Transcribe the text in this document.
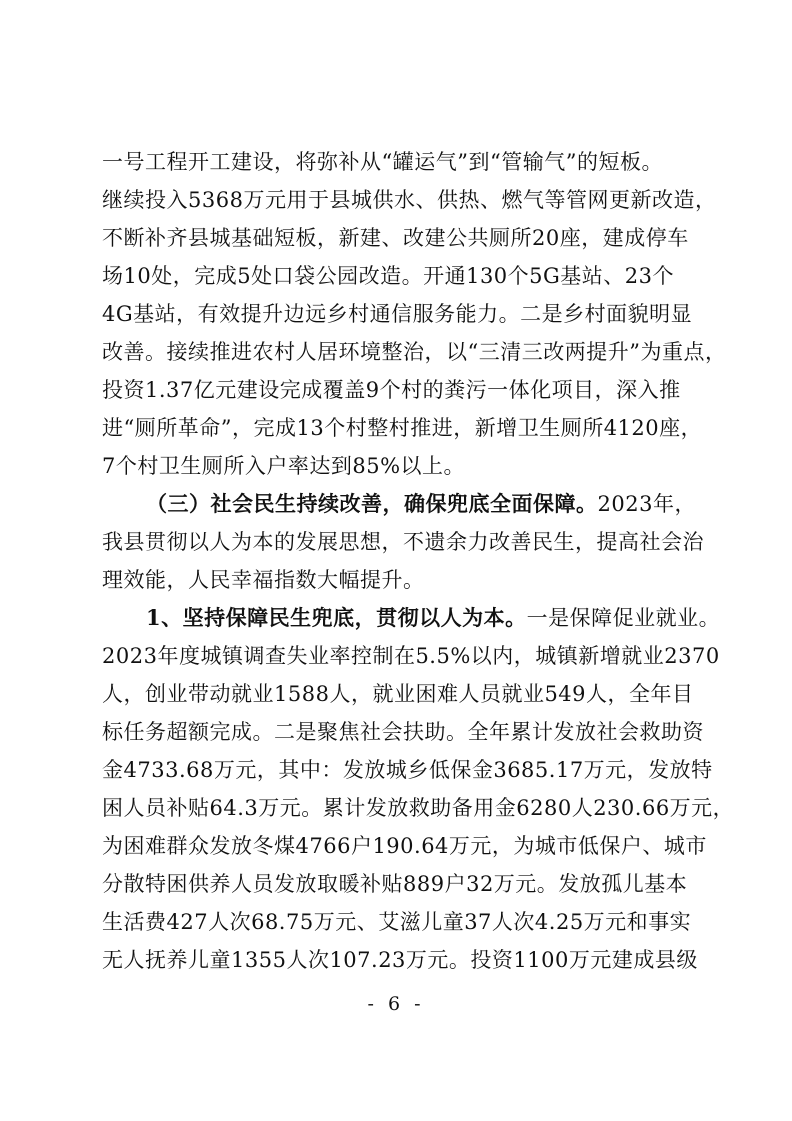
一号工程开工建设，将弥补从“罐运气”到“管输气”的短板。
继续投入5368万元用于县城供水、供热、燃气等管网更新改造，
不断补齐县城基础短板，新建、改建公共厕所20座，建成停车
场10处，完成5处口袋公园改造。开通130个5G基站、23个
4G基站，有效提升边远乡村通信服务能力。二是乡村面貌明显
改善。接续推进农村人居环境整治，以“三清三改两提升”为重点，
投资1.37亿元建设完成覆盖9个村的粪污一体化项目，深入推
进“厕所革命”，完成13个村整村推进，新增卫生厕所4120座，
7个村卫生厕所入户率达到85%以上。
（三）社会民生持续改善，确保兜底全面保障。2023年，
我县贯彻以人为本的发展思想，不遗余力改善民生，提高社会治
理效能，人民幸福指数大幅提升。
1、坚持保障民生兜底，贯彻以人为本。一是保障促业就业。
2023年度城镇调查失业率控制在5.5%以内，城镇新增就业2370
人，创业带动就业1588人，就业困难人员就业549人，全年目
标任务超额完成。二是聚焦社会扶助。全年累计发放社会救助资
金4733.68万元，其中：发放城乡低保金3685.17万元，发放特
困人员补贴64.3万元。累计发放救助备用金6280人230.66万元，
为困难群众发放冬煤4766户190.64万元，为城市低保户、城市
分散特困供养人员发放取暖补贴889户32万元。发放孤儿基本
生活费427人次68.75万元、艾滋儿童37人次4.25万元和事实
无人抚养儿童1355人次107.23万元。投资1100万元建成县级
- 6 -
